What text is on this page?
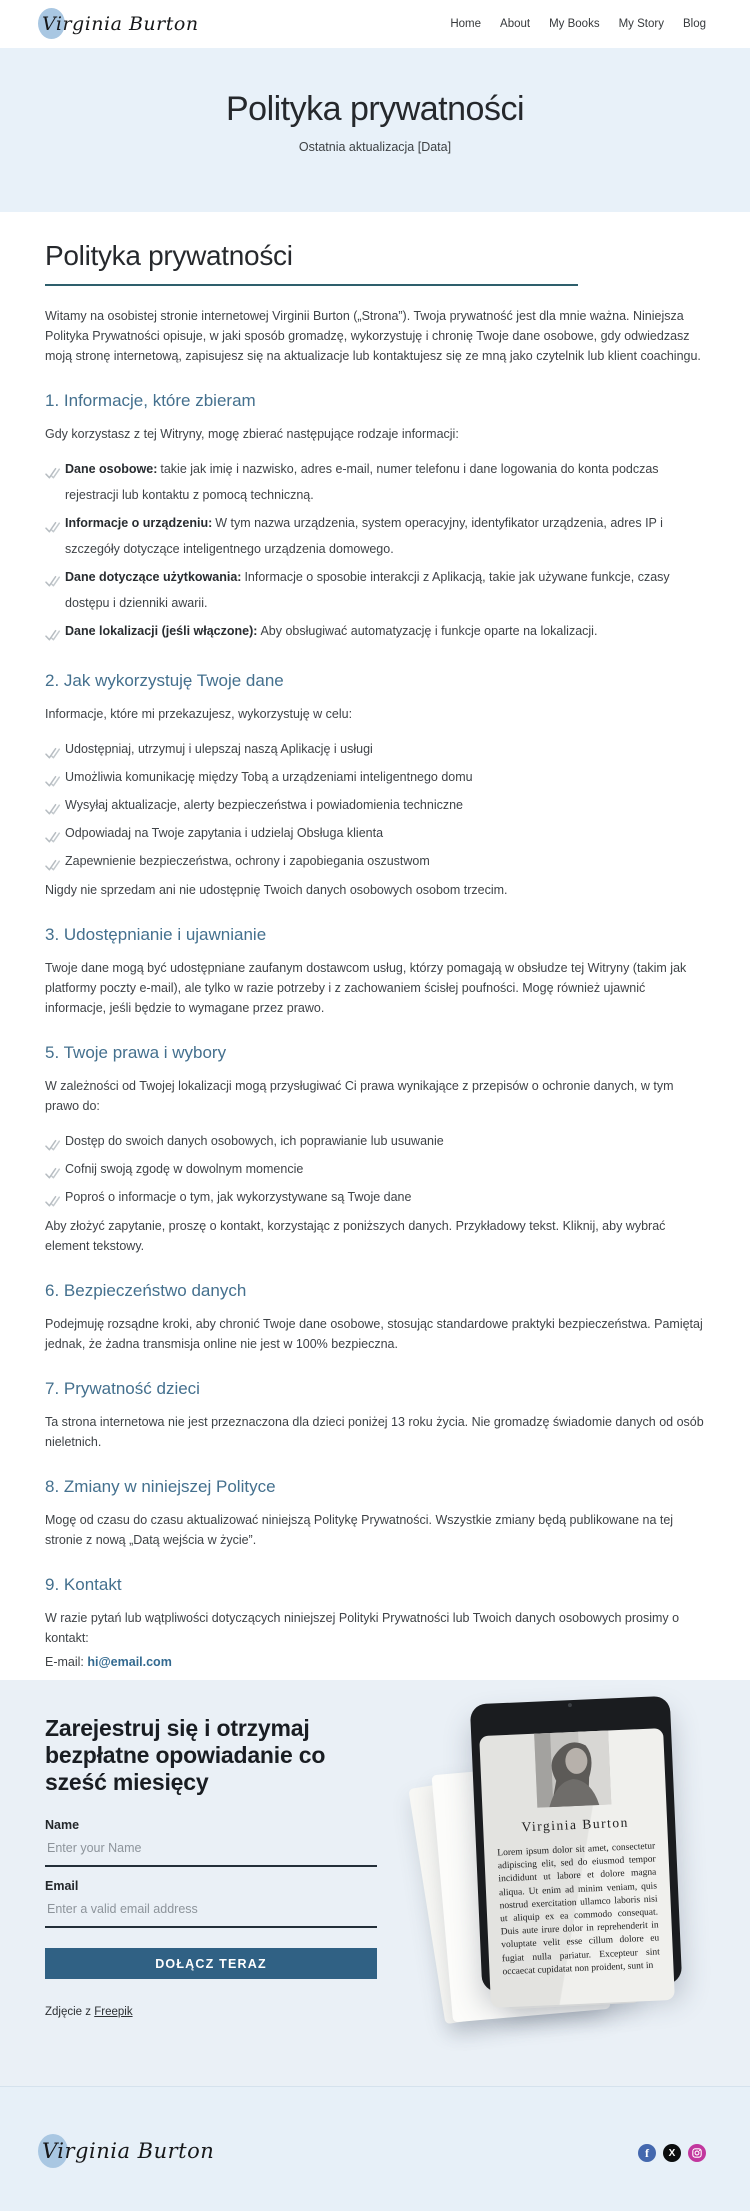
Virginia Burton	Home About My Books My Story Blog
Polityka prywatności
Ostatnia aktualizacja [Data]
Polityka prywatności

Witamy na osobistej stronie internetowej Virginii Burton („Strona”). Twoja prywatność jest dla mnie ważna. Niniejsza Polityka Prywatności opisuje, w jaki sposób gromadzę, wykorzystuję i chronię Twoje dane osobowe, gdy odwiedzasz moją stronę internetową, zapisujesz się na aktualizacje lub kontaktujesz się ze mną jako czytelnik lub klient coachingu.

1. Informacje, które zbieram

Gdy korzystasz z tej Witryny, mogę zbierać następujące rodzaje informacji:

Dane osobowe: takie jak imię i nazwisko, adres e-mail, numer telefonu i dane logowania do konta podczas rejestracji lub kontaktu z pomocą techniczną.
Informacje o urządzeniu: W tym nazwa urządzenia, system operacyjny, identyfikator urządzenia, adres IP i szczegóły dotyczące inteligentnego urządzenia domowego.
Dane dotyczące użytkowania: Informacje o sposobie interakcji z Aplikacją, takie jak używane funkcje, czasy dostępu i dzienniki awarii.
Dane lokalizacji (jeśli włączone): Aby obsługiwać automatyzację i funkcje oparte na lokalizacji.
2. Jak wykorzystuję Twoje dane

Informacje, które mi przekazujesz, wykorzystuję w celu:

Udostępniaj, utrzymuj i ulepszaj naszą Aplikację i usługi
Umożliwia komunikację między Tobą a urządzeniami inteligentnego domu
Wysyłaj aktualizacje, alerty bezpieczeństwa i powiadomienia techniczne
Odpowiadaj na Twoje zapytania i udzielaj Obsługa klienta
Zapewnienie bezpieczeństwa, ochrony i zapobiegania oszustwom

Nigdy nie sprzedam ani nie udostępnię Twoich danych osobowych osobom trzecim.

3. Udostępnianie i ujawnianie

Twoje dane mogą być udostępniane zaufanym dostawcom usług, którzy pomagają w obsłudze tej Witryny (takim jak platformy poczty e-mail), ale tylko w razie potrzeby i z zachowaniem ścisłej poufności. Mogę również ujawnić informacje, jeśli będzie to wymagane przez prawo.

5. Twoje prawa i wybory

W zależności od Twojej lokalizacji mogą przysługiwać Ci prawa wynikające z przepisów o ochronie danych, w tym prawo do:

Dostęp do swoich danych osobowych, ich poprawianie lub usuwanie
Cofnij swoją zgodę w dowolnym momencie
Poproś o informacje o tym, jak wykorzystywane są Twoje dane

Aby złożyć zapytanie, proszę o kontakt, korzystając z poniższych danych. Przykładowy tekst. Kliknij, aby wybrać element tekstowy.

6. Bezpieczeństwo danych

Podejmuję rozsądne kroki, aby chronić Twoje dane osobowe, stosując standardowe praktyki bezpieczeństwa. Pamiętaj jednak, że żadna transmisja online nie jest w 100% bezpieczna.

7. Prywatność dzieci

Ta strona internetowa nie jest przeznaczona dla dzieci poniżej 13 roku życia. Nie gromadzę świadomie danych od osób nieletnich.

8. Zmiany w niniejszej Polityce

Mogę od czasu do czasu aktualizować niniejszą Politykę Prywatności. Wszystkie zmiany będą publikowane na tej stronie z nową „Datą wejścia w życie”.

9. Kontakt

W razie pytań lub wątpliwości dotyczących niniejszej Polityki Prywatności lub Twoich danych osobowych prosimy o kontakt:

E-mail: hi@email.com

Zarejestruj się i otrzymaj bezpłatne opowiadanie co sześć miesięcy
Name
Enter your Name
Email
Enter a valid email address
DOŁĄCZ TERAZ
Zdjęcie z Freepik
Virginia Burton
Lorem ipsum dolor sit amet, consectetur adipiscing elit, sed do eiusmod tempor incididunt ut labore et dolore magna aliqua. Ut enim ad minim veniam, quis nostrud exercitation ullamco laboris nisi ut aliquip ex ea commodo consequat. Duis aute irure dolor in reprehenderit in voluptate velit esse cillum dolore eu fugiat nulla pariatur. Excepteur sint occaecat cupidatat non proident, sunt in
Virginia Burton	f	X
